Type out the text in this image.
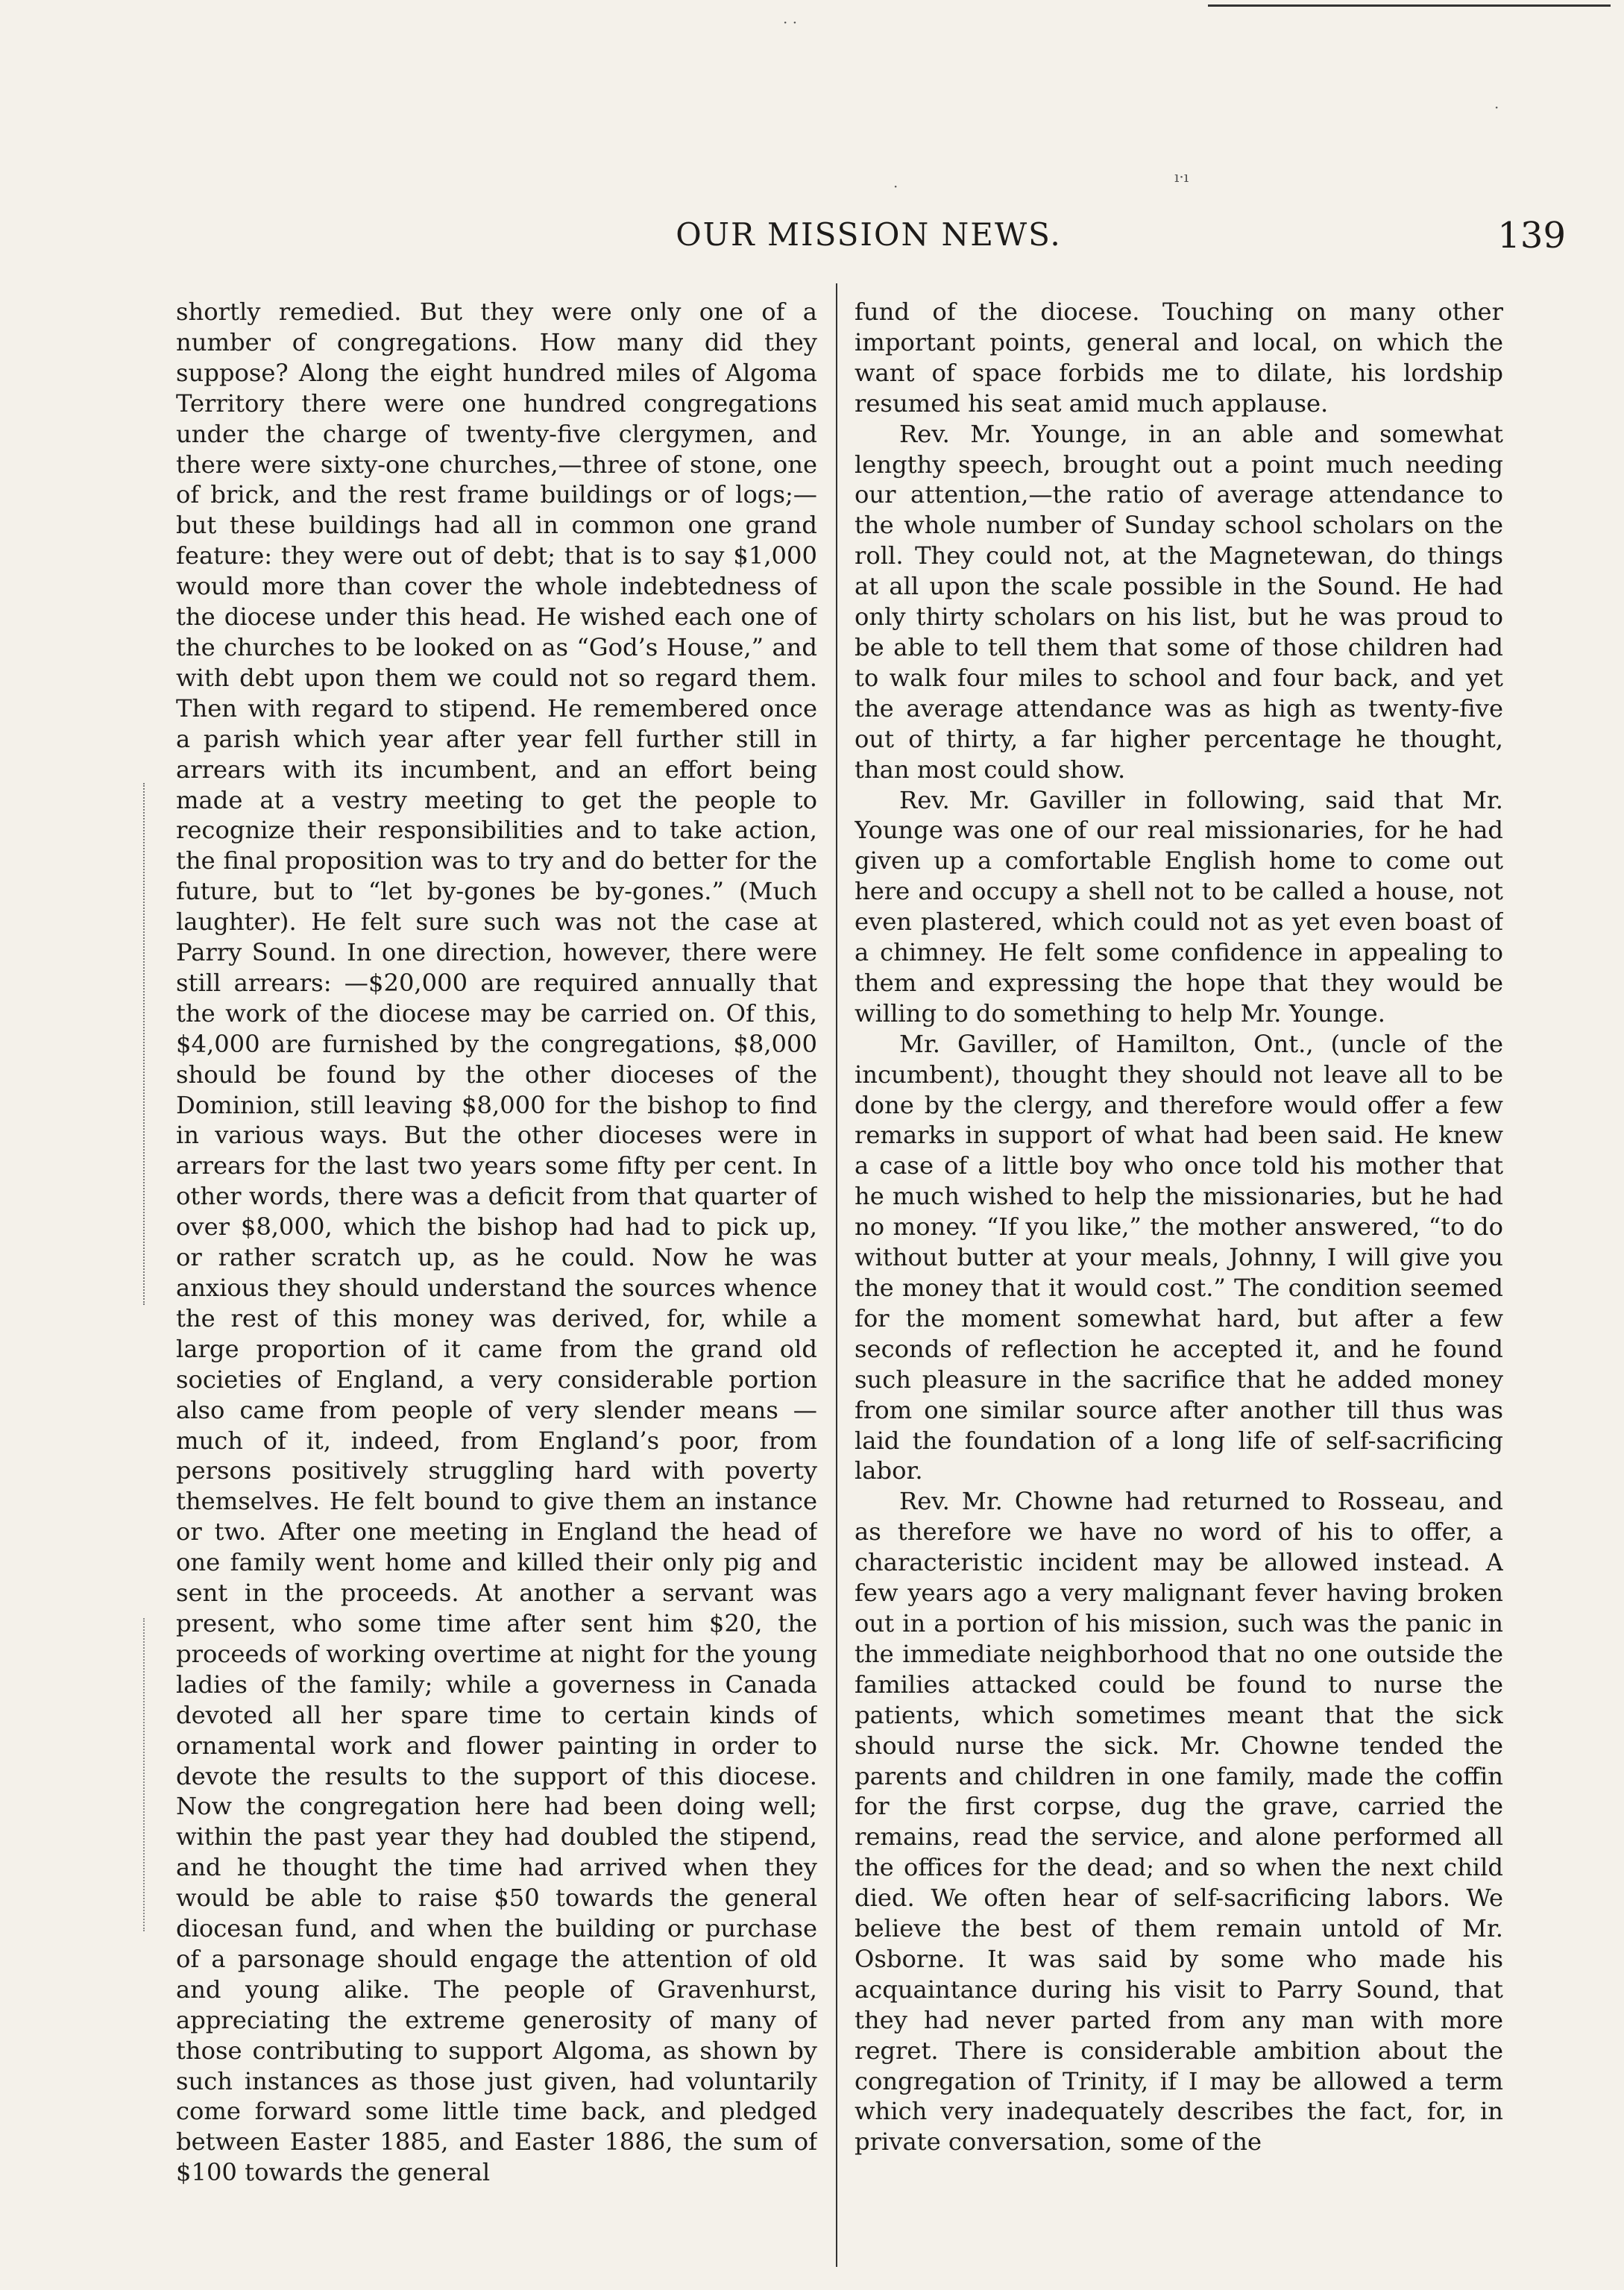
· ·
ı·ı
·
·
OUR MISSION NEWS.	139

shortly remedied. But they were only one of a number of congregations. How many did they suppose? Along the eight hundred miles of Algoma Territory there were one hundred congregations under the charge of twenty-five clergymen, and there were sixty-one churches,—three of stone, one of brick, and the rest frame buildings or of logs;—but these buildings had all in common one grand feature: they were out of debt; that is to say $1,000 would more than cover the whole indebtedness of the diocese under this head. He wished each one of the churches to be looked on as “God’s House,” and with debt upon them we could not so regard them. Then with regard to stipend. He remembered once a parish which year after year fell further still in arrears with its incumbent, and an effort being made at a vestry meeting to get the people to recognize their responsibilities and to take action, the final proposition was to try and do better for the future, but to “let by-gones be by-gones.” (Much laughter). He felt sure such was not the case at Parry Sound. In one direction, however, there were still arrears: —$20,000 are required annually that the work of the diocese may be carried on. Of this, $4,000 are furnished by the congregations, $8,000 should be found by the other dioceses of the Dominion, still leaving $8,000 for the bishop to find in various ways. But the other dioceses were in arrears for the last two years some fifty per cent. In other words, there was a deficit from that quarter of over $8,000, which the bishop had had to pick up, or rather scratch up, as he could. Now he was anxious they should understand the sources whence the rest of this money was derived, for, while a large proportion of it came from the grand old societies of England, a very considerable portion also came from people of very slender means —much of it, indeed, from England’s poor, from persons positively struggling hard with poverty themselves. He felt bound to give them an instance or two. After one meeting in England the head of one family went home and killed their only pig and sent in the proceeds. At another a servant was present, who some time after sent him $20, the proceeds of working overtime at night for the young ladies of the family; while a governess in Canada devoted all her spare time to certain kinds of ornamental work and flower painting in order to devote the results to the support of this diocese. Now the congregation here had been doing well; within the past year they had doubled the stipend, and he thought the time had arrived when they would be able to raise $50 towards the general diocesan fund, and when the building or purchase of a parsonage should engage the attention of old and young alike. The people of Gravenhurst, appreciating the extreme generosity of many of those contributing to support Algoma, as shown by such instances as those just given, had voluntarily come forward some little time back, and pledged between Easter 1885, and Easter 1886, the sum of $100 towards the general

fund of the diocese. Touching on many other important points, general and local, on which the want of space forbids me to dilate, his lordship resumed his seat amid much applause.

Rev. Mr. Younge, in an able and somewhat lengthy speech, brought out a point much needing our attention,—the ratio of average attendance to the whole number of Sunday school scholars on the roll. They could not, at the Magnetewan, do things at all upon the scale possible in the Sound. He had only thirty scholars on his list, but he was proud to be able to tell them that some of those children had to walk four miles to school and four back, and yet the average attendance was as high as twenty-five out of thirty, a far higher percentage he thought, than most could show.

Rev. Mr. Gaviller in following, said that Mr. Younge was one of our real missionaries, for he had given up a comfortable English home to come out here and occupy a shell not to be called a house, not even plastered, which could not as yet even boast of a chimney. He felt some confidence in appealing to them and expressing the hope that they would be willing to do something to help Mr. Younge.

Mr. Gaviller, of Hamilton, Ont., (uncle of the incumbent), thought they should not leave all to be done by the clergy, and therefore would offer a few remarks in support of what had been said. He knew a case of a little boy who once told his mother that he much wished to help the missionaries, but he had no money. “If you like,” the mother answered, “to do without butter at your meals, Johnny, I will give you the money that it would cost.” The condition seemed for the moment somewhat hard, but after a few seconds of reflection he accepted it, and he found such pleasure in the sacrifice that he added money from one similar source after another till thus was laid the foundation of a long life of self-sacrificing labor.

Rev. Mr. Chowne had returned to Rosseau, and as therefore we have no word of his to offer, a characteristic incident may be allowed instead. A few years ago a very malignant fever having broken out in a portion of his mission, such was the panic in the immediate neighborhood that no one outside the families attacked could be found to nurse the patients, which sometimes meant that the sick should nurse the sick. Mr. Chowne tended the parents and children in one family, made the coffin for the first corpse, dug the grave, carried the remains, read the service, and alone performed all the offices for the dead; and so when the next child died. We often hear of self-sacrificing labors. We believe the best of them remain untold of Mr. Osborne. It was said by some who made his acquaintance during his visit to Parry Sound, that they had never parted from any man with more regret. There is considerable ambition about the congregation of Trinity, if I may be allowed a term which very inadequately describes the fact, for, in private conversation, some of the
